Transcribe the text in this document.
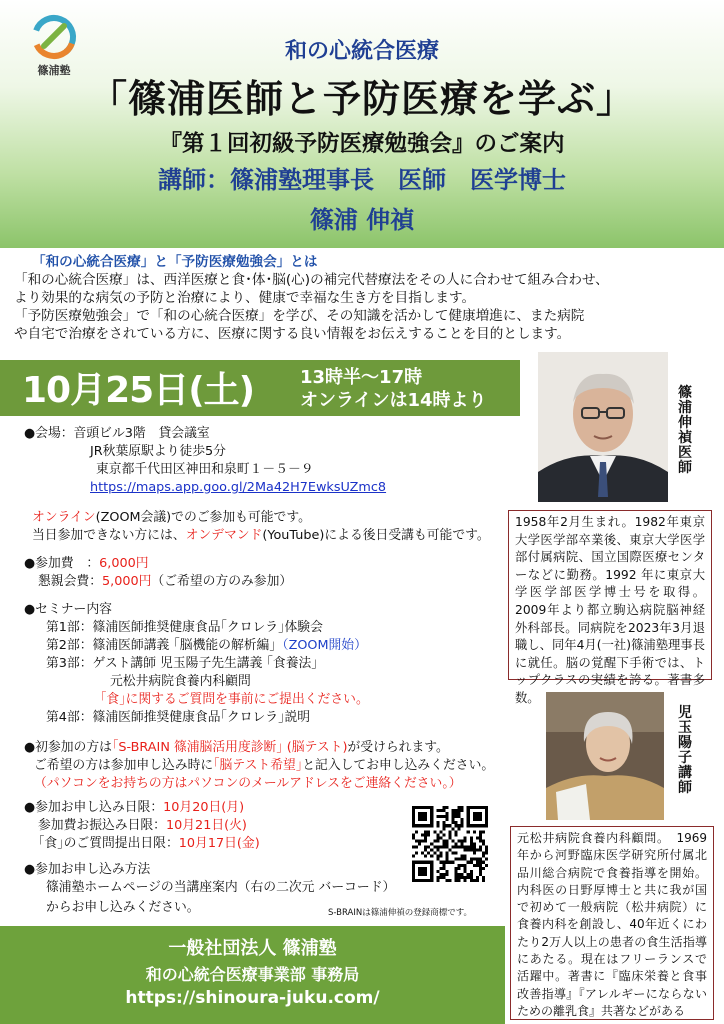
篠浦塾
和の心統合医療
「篠浦医師と予防医療を学ぶ」
『第１回初級予防医療勉強会』のご案内
講師：篠浦塾理事長　医師　医学博士
篠浦 伸禎
「和の心統合医療」と「予防医療勉強会」とは
「和の心統合医療」は、西洋医療と食･体･脳(心)の補完代替療法をその人に合わせて組み合わせ、
より効果的な病気の予防と治療により、健康で幸福な生き方を目指します。
「予防医療勉強会」で「和の心統合医療」を学び、その知識を活かして健康増進に、また病院
や自宅で治療をされている方に、医療に関する良い情報をお伝えすることを目的とします。
10月25日(土)	13時半～17時
オンラインは14時より	篠
浦
伸
禎
医
師
1958年2月生まれ。1982年東京大学医学部卒業後、東京大学医学部付属病院、国立国際医療センターなどに勤務。1992 年に東京大学医学部医学博士号を取得。2009年より都立駒込病院脳神経外科部長。同病院を2023年3月退職し、同年4月(一社)篠浦塾理事長に就任。脳の覚醒下手術では、トップクラスの実績を誇る。著書多数。
●会場：音頭ビル3階　貸会議室
JR秋葉原駅より徒歩5分
東京都千代田区神田和泉町１－５－９
https://maps.app.goo.gl/2Ma42H7EwksUZmc8
オンライン(ZOOM会議)でのご参加も可能です。
当日参加できない方には、オンデマンド(YouTube)による後日受講も可能です。
●参加費　：6,000円
懇親会費：5,000円（ご希望の方のみ参加）
●セミナー内容
第1部：篠浦医師推奨健康食品｢クロレラ｣体験会
第2部：篠浦医師講義 ｢脳機能の解析編｣（ZOOM開始）
第3部：ゲスト講師 児玉陽子先生講義 ｢食養法｣
元松井病院食養内科顧問
｢食｣に関するご質問を事前にご提出ください。
第4部：篠浦医師推奨健康食品｢クロレラ｣説明
●初参加の方は｢S-BRAIN 篠浦脳活用度診断｣ (脳テスト)が受けられます。
ご希望の方は参加申し込み時に｢脳テスト希望｣と記入してお申し込みください。
（パソコンをお持ちの方はパソコンのメールアドレスをご連絡ください。）
児
玉
陽
子
講
師
●参加お申し込み日限：10月20日(月)
参加費お振込み日限：10月21日(火)
｢食｣のご質問提出日限：10月17日(金)
●参加お申し込み方法
篠浦塾ホームページの当講座案内（右の二次元 バーコード）
からお申し込みください。	S-BRAINは篠浦伸禎の登録商標です。
元松井病院食養内科顧問。　1969年から河野臨床医学研究所付属北品川総合病院で食養指導を開始。内科医の日野厚博士と共に我が国で初めて一般病院（松井病院）に食養内科を創設し、40年近くにわたり2万人以上の患者の食生活指導にあたる。現在はフリーランスで活躍中。著書に『臨床栄養と食事改善指導』『アレルギーにならないための離乳食』共著などがある
一般社団法人 篠浦塾
和の心統合医療事業部 事務局
https://shinoura-juku.com/
